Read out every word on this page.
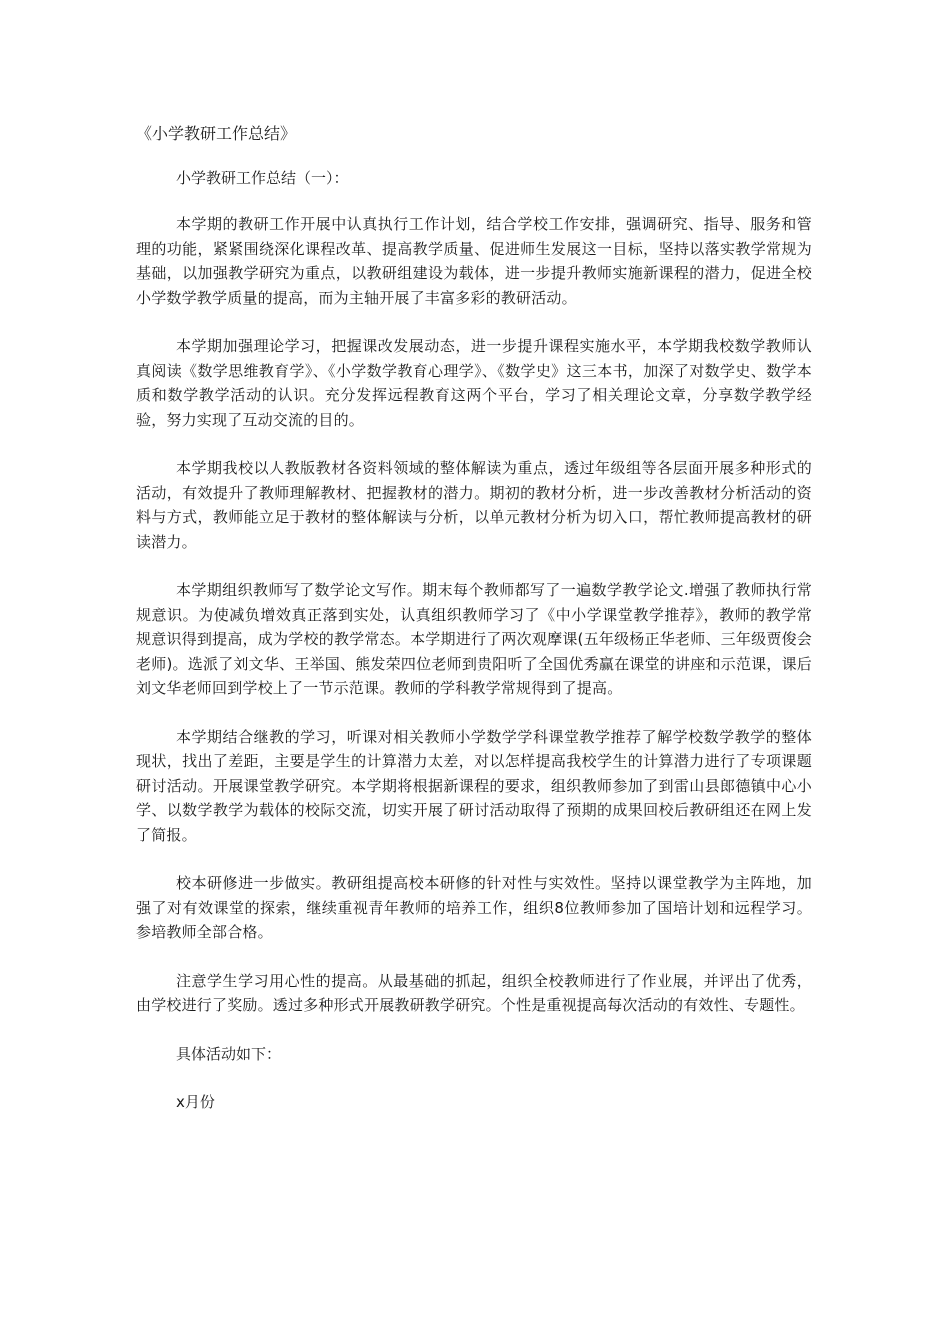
《小学教研工作总结》
小学教研工作总结（一）：

本学期的教研工作开展中认真执行工作计划，结合学校工作安排，强调研究、指导、服务和管理的功能，紧紧围绕深化课程改革、提高教学质量、促进师生发展这一目标，坚持以落实教学常规为基础，以加强教学研究为重点，以教研组建设为载体，进一步提升教师实施新课程的潜力，促进全校小学数学教学质量的提高，而为主轴开展了丰富多彩的教研活动。

本学期加强理论学习，把握课改发展动态，进一步提升课程实施水平，本学期我校数学教师认真阅读《数学思维教育学》、《小学数学教育心理学》、《数学史》这三本书，加深了对数学史、数学本质和数学教学活动的认识。充分发挥远程教育这两个平台，学习了相关理论文章，分享数学教学经验，努力实现了互动交流的目的。

本学期我校以人教版教材各资料领域的整体解读为重点，透过年级组等各层面开展多种形式的活动，有效提升了教师理解教材、把握教材的潜力。期初的教材分析，进一步改善教材分析活动的资料与方式，教师能立足于教材的整体解读与分析，以单元教材分析为切入口，帮忙教师提高教材的研读潜力。

本学期组织教师写了数学论文写作。期末每个教师都写了一遍数学教学论文.增强了教师执行常规意识。为使减负增效真正落到实处，认真组织教师学习了《中小学课堂教学推荐》，教师的教学常规意识得到提高，成为学校的教学常态。本学期进行了两次观摩课(五年级杨正华老师、三年级贾俊会老师)。选派了刘文华、王举国、熊发荣四位老师到贵阳听了全国优秀赢在课堂的讲座和示范课，课后刘文华老师回到学校上了一节示范课。教师的学科教学常规得到了提高。

本学期结合继教的学习，听课对相关教师小学数学学科课堂教学推荐了解学校数学教学的整体现状，找出了差距，主要是学生的计算潜力太差，对以怎样提高我校学生的计算潜力进行了专项课题研讨活动。开展课堂教学研究。本学期将根据新课程的要求，组织教师参加了到雷山县郎德镇中心小学、以数学教学为载体的校际交流，切实开展了研讨活动取得了预期的成果回校后教研组还在网上发了简报。

校本研修进一步做实。教研组提高校本研修的针对性与实效性。坚持以课堂教学为主阵地，加强了对有效课堂的探索，继续重视青年教师的培养工作，组织8位教师参加了国培计划和远程学习。参培教师全部合格。

注意学生学习用心性的提高。从最基础的抓起，组织全校教师进行了作业展，并评出了优秀，由学校进行了奖励。透过多种形式开展教研教学研究。个性是重视提高每次活动的有效性、专题性。

具体活动如下：
x月份
